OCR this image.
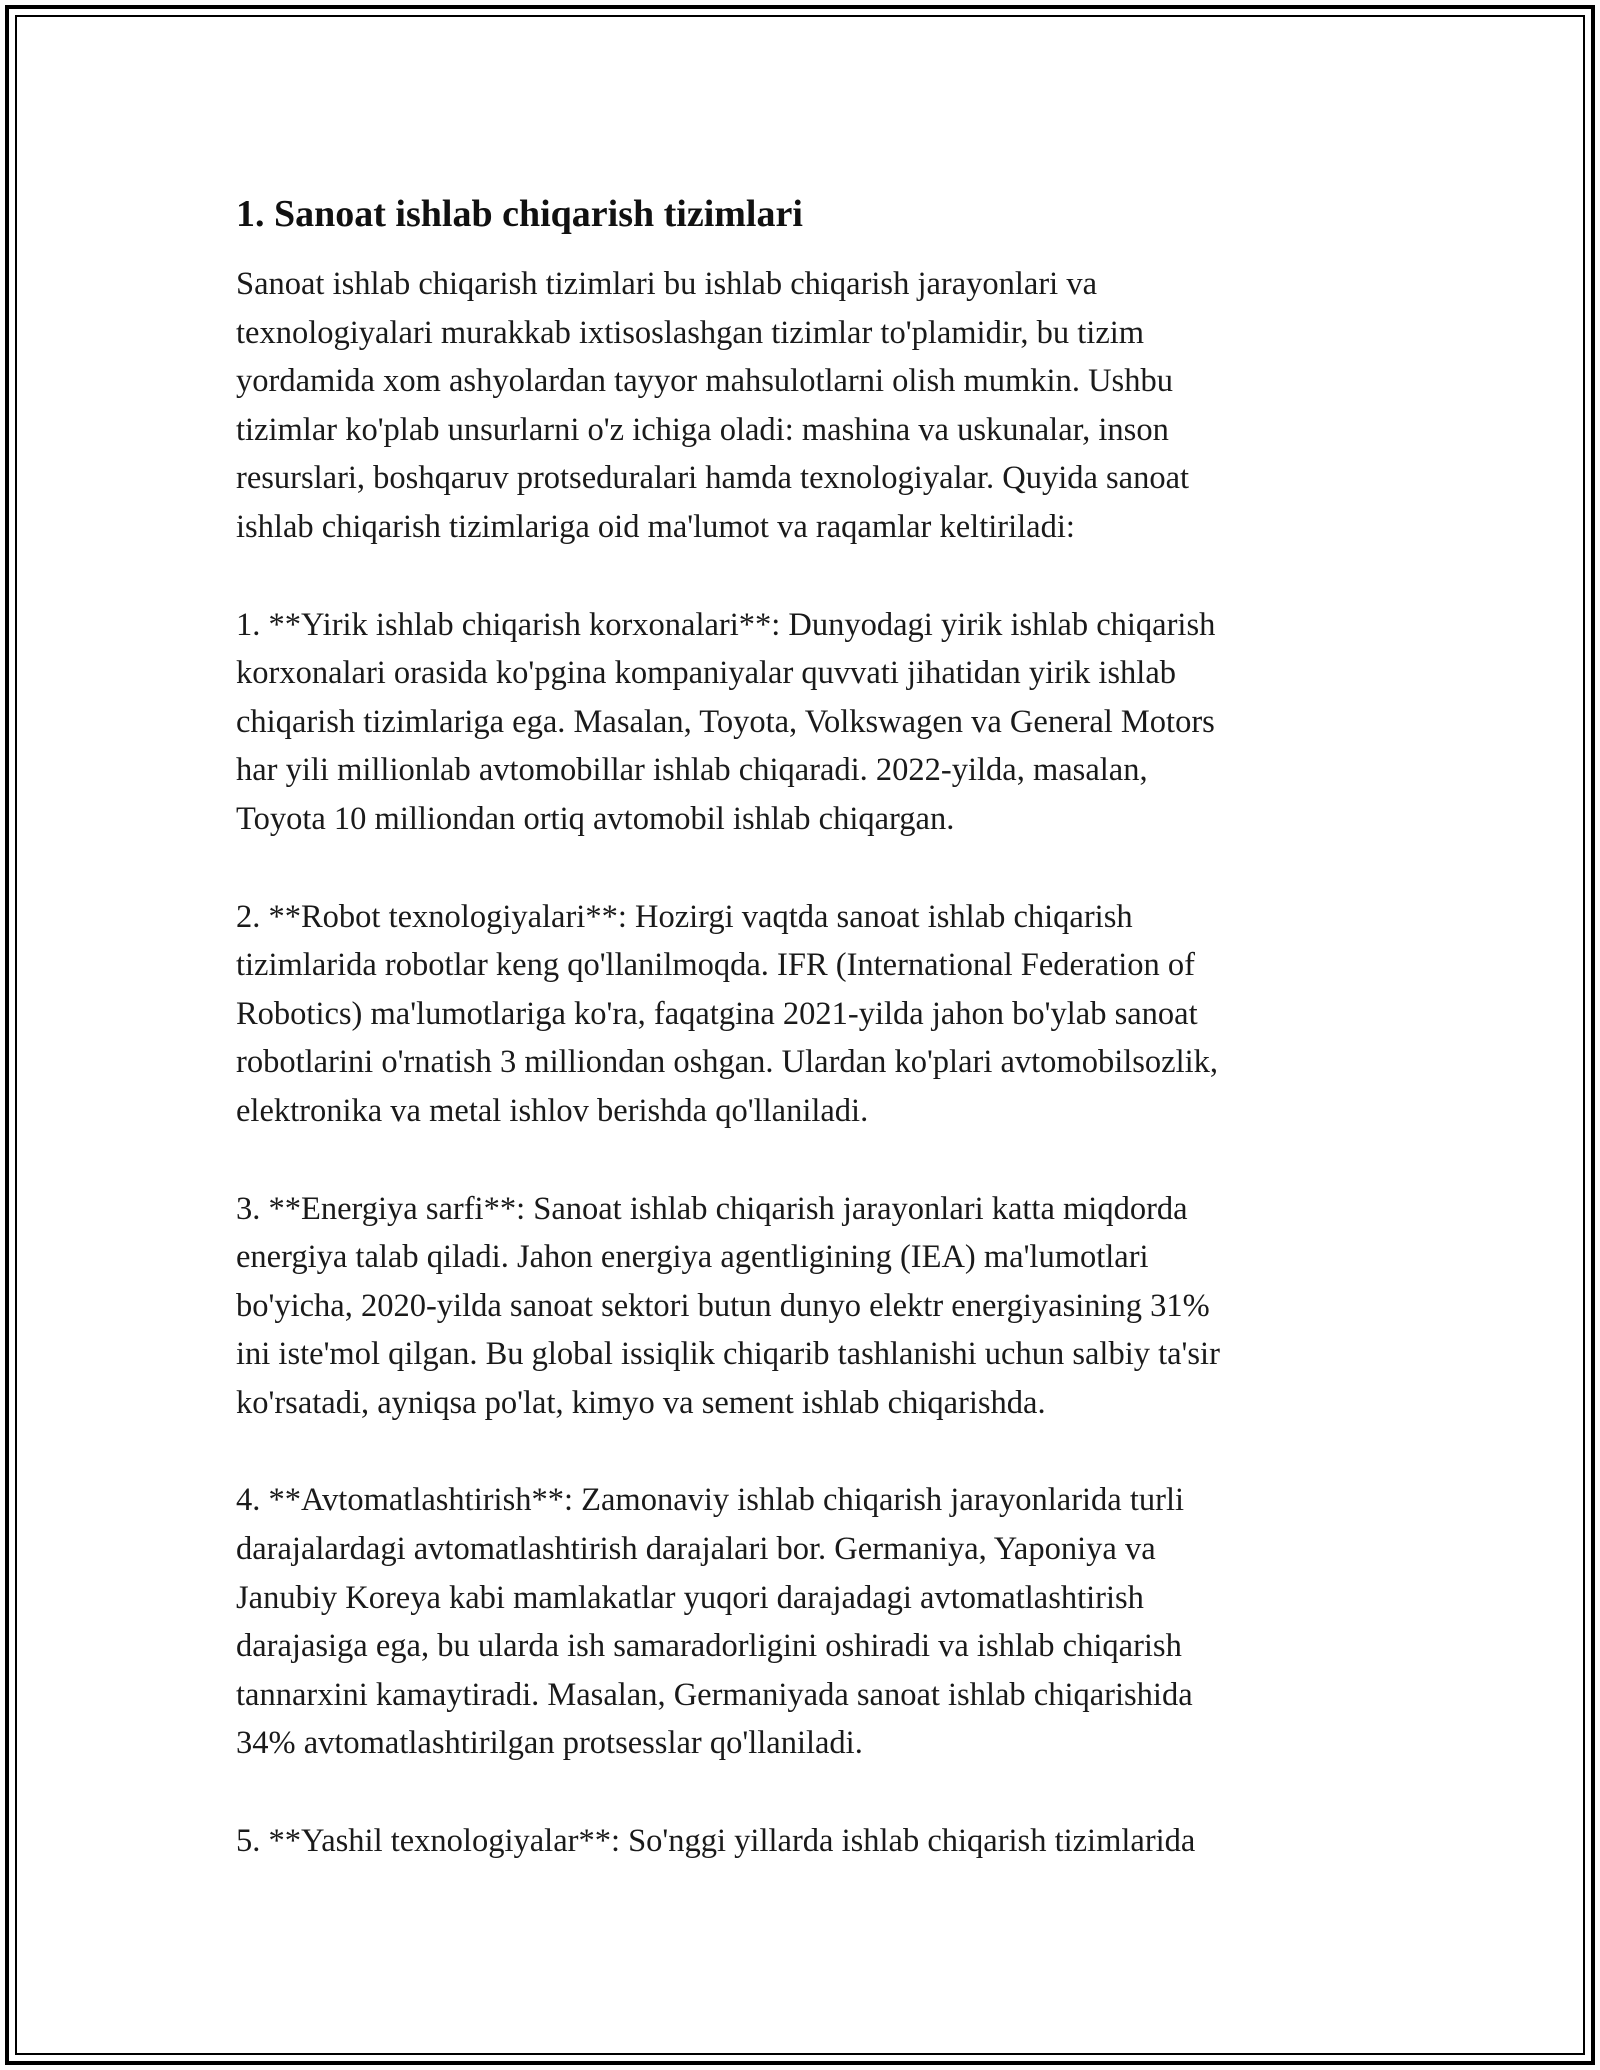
1. Sanoat ishlab chiqarish tizimlari

Sanoat ishlab chiqarish tizimlari bu ishlab chiqarish jarayonlari va
texnologiyalari murakkab ixtisoslashgan tizimlar to'plamidir, bu tizim
yordamida xom ashyolardan tayyor mahsulotlarni olish mumkin. Ushbu
tizimlar ko'plab unsurlarni o'z ichiga oladi: mashina va uskunalar, inson
resurslari, boshqaruv protseduralari hamda texnologiyalar. Quyida sanoat
ishlab chiqarish tizimlariga oid ma'lumot va raqamlar keltiriladi:

1. **Yirik ishlab chiqarish korxonalari**: Dunyodagi yirik ishlab chiqarish
korxonalari orasida ko'pgina kompaniyalar quvvati jihatidan yirik ishlab
chiqarish tizimlariga ega. Masalan, Toyota, Volkswagen va General Motors
har yili millionlab avtomobillar ishlab chiqaradi. 2022-yilda, masalan,
Toyota 10 milliondan ortiq avtomobil ishlab chiqargan.

2. **Robot texnologiyalari**: Hozirgi vaqtda sanoat ishlab chiqarish
tizimlarida robotlar keng qo'llanilmoqda. IFR (International Federation of
Robotics) ma'lumotlariga ko'ra, faqatgina 2021-yilda jahon bo'ylab sanoat
robotlarini o'rnatish 3 milliondan oshgan. Ulardan ko'plari avtomobilsozlik,
elektronika va metal ishlov berishda qo'llaniladi.

3. **Energiya sarfi**: Sanoat ishlab chiqarish jarayonlari katta miqdorda
energiya talab qiladi. Jahon energiya agentligining (IEA) ma'lumotlari
bo'yicha, 2020-yilda sanoat sektori butun dunyo elektr energiyasining 31%
ini iste'mol qilgan. Bu global issiqlik chiqarib tashlanishi uchun salbiy ta'sir
ko'rsatadi, ayniqsa po'lat, kimyo va sement ishlab chiqarishda.

4. **Avtomatlashtirish**: Zamonaviy ishlab chiqarish jarayonlarida turli
darajalardagi avtomatlashtirish darajalari bor. Germaniya, Yaponiya va
Janubiy Koreya kabi mamlakatlar yuqori darajadagi avtomatlashtirish
darajasiga ega, bu ularda ish samaradorligini oshiradi va ishlab chiqarish
tannarxini kamaytiradi. Masalan, Germaniyada sanoat ishlab chiqarishida
34% avtomatlashtirilgan protsesslar qo'llaniladi.

5. **Yashil texnologiyalar**: So'nggi yillarda ishlab chiqarish tizimlarida
